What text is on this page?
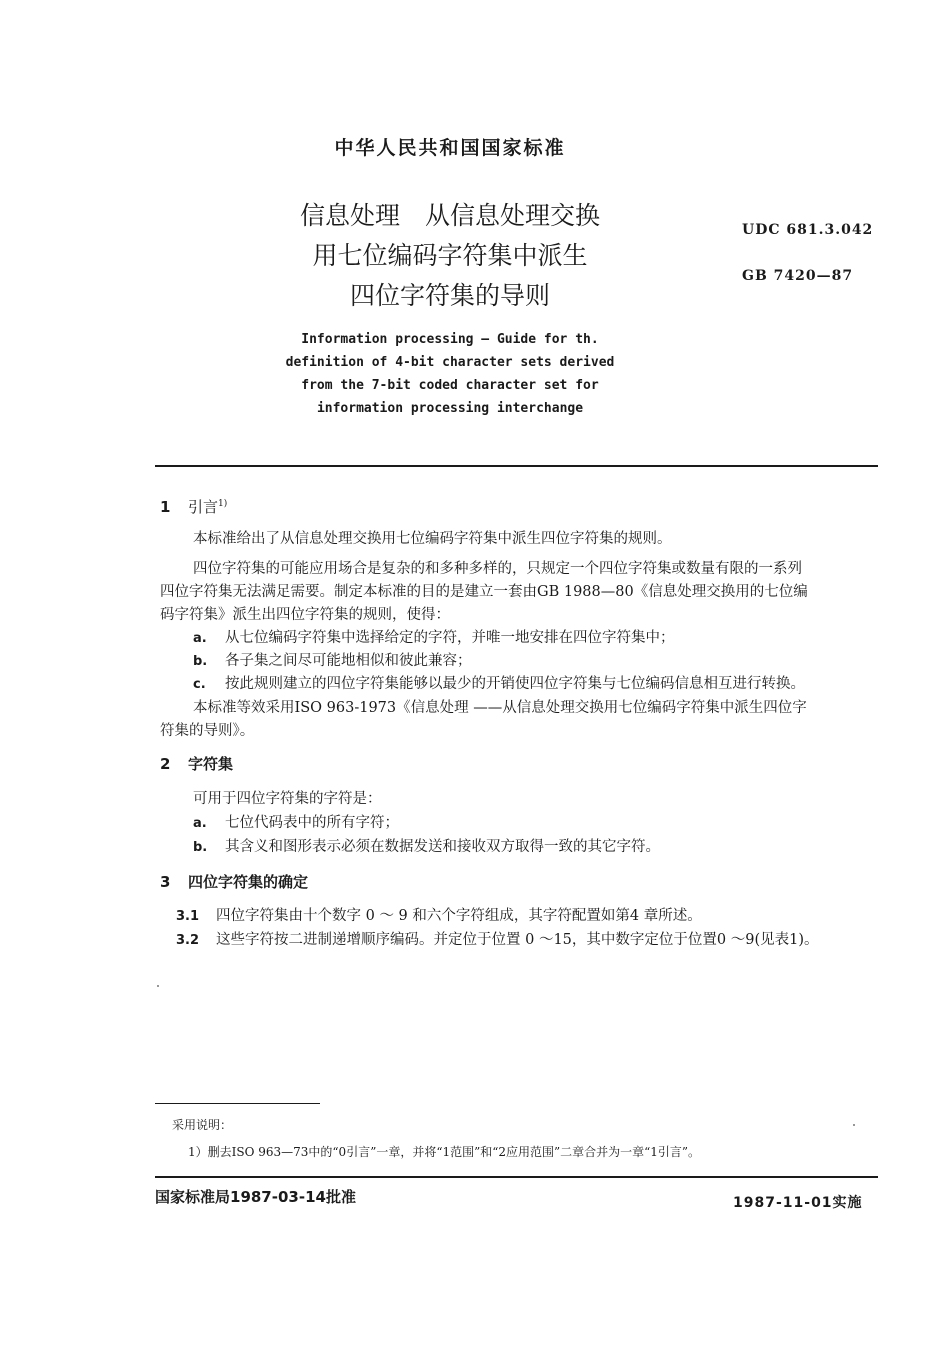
中华人民共和国国家标准
信息处理　从信息处理交换
用七位编码字符集中派生
四位字符集的导则
UDC 681.3.042
GB 7420—87
Information processing — Guide for th.
definition of 4-bit character sets derived
from the 7-bit coded character set for
information processing interchange
1 引言$^{1)}$
本标准给出了从信息处理交换用七位编码字符集中派生四位字符集的规则。
四位字符集的可能应用场合是复杂的和多种多样的，只规定一个四位字符集或数量有限的一系列
四位字符集无法满足需要。制定本标准的目的是建立一套由GB 1988—80《信息处理交换用的七位编
码字符集》派生出四位字符集的规则，使得：
a. 从七位编码字符集中选择给定的字符，并唯一地安排在四位字符集中；
b. 各子集之间尽可能地相似和彼此兼容；
c. 按此规则建立的四位字符集能够以最少的开销使四位字符集与七位编码信息相互进行转换。
本标准等效采用ISO 963-1973《信息处理 ——从信息处理交换用七位编码字符集中派生四位字
符集的导则》。
2 字符集
可用于四位字符集的字符是：
a. 七位代码表中的所有字符；
b. 其含义和图形表示必须在数据发送和接收双方取得一致的其它字符。
3 四位字符集的确定
3.1 四位字符集由十个数字 0 ～ 9 和六个字符组成，其字符配置如第4 章所述。
3.2 这些字符按二进制递增顺序编码。并定位于位置 0 ～15，其中数字定位于位置0 ～9(见表1)。
采用说明：
1）删去ISO 963—73中的“0引言”一章，并将“1范围”和“2应用范围”二章合并为一章“1引言”。
国家标准局1987-03-14批准	1987-11-01实施
